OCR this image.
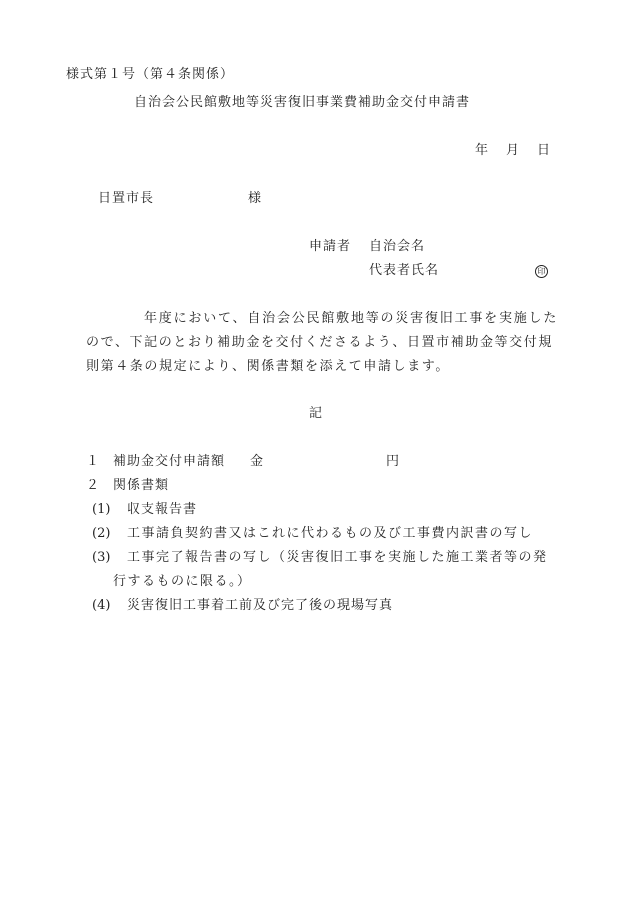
様式第１号（第４条関係）
自治会公民館敷地等災害復旧事業費補助金交付申請書
年 月 日
日置市長	様
申請者 自治会名
代表者氏名	印
年度において、自治会公民館敷地等の災害復旧工事を実施した
ので、下記のとおり補助金を交付くださるよう、日置市補助金等交付規
則第４条の規定により、関係書類を添えて申請します。
記
１ 補助金交付申請額 金	円
２ 関係書類
(1) 収支報告書
(2) 工事請負契約書又はこれに代わるもの及び工事費内訳書の写し
(3) 工事完了報告書の写し（災害復旧工事を実施した施工業者等の発
行するものに限る。）
(4) 災害復旧工事着工前及び完了後の現場写真
